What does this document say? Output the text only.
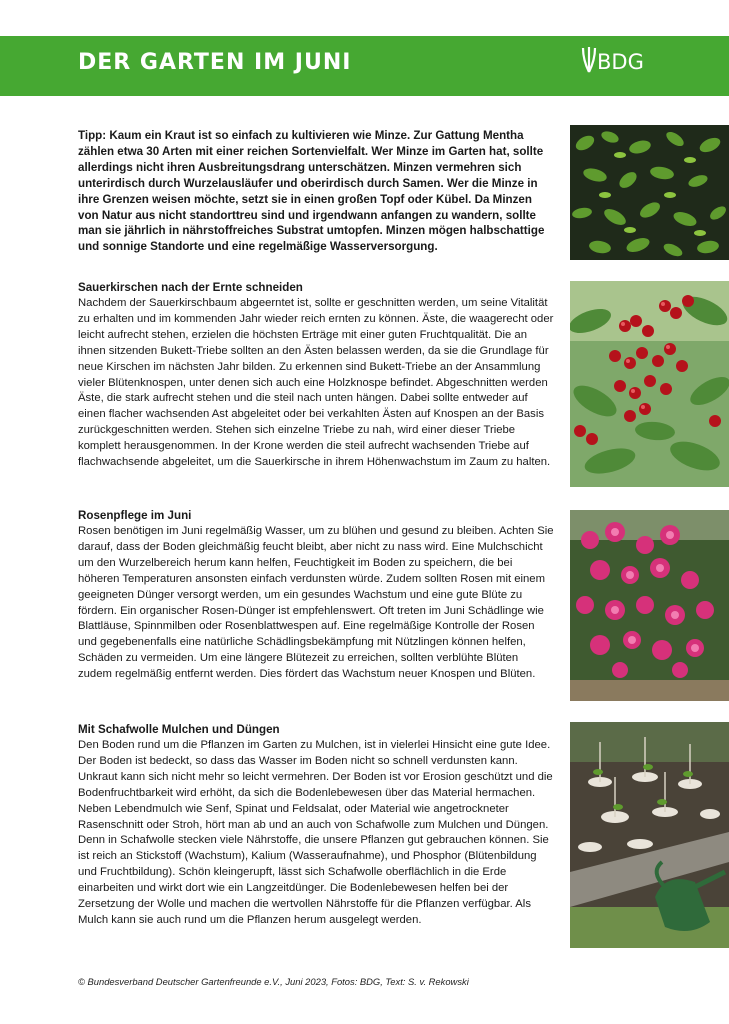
DER GARTEN IM JUNI	BDG
Tipp: Kaum ein Kraut ist so einfach zu kultivieren wie Minze. Zur Gattung Mentha zählen etwa 30 Arten mit einer reichen Sortenvielfalt. Wer Minze im Garten hat, sollte allerdings nicht ihren Ausbreitungsdrang unterschätzen. Minzen vermehren sich unterirdisch durch Wurzelausläufer und oberirdisch durch Samen. Wer die Minze in ihre Grenzen weisen möchte, setzt sie in einen großen Topf oder Kübel. Da Minzen von Natur aus nicht standorttreu sind und irgendwann anfangen zu wandern, sollte man sie jährlich in nährstoffreiches Substrat umtopfen. Minzen mögen halbschattige und sonnige Standorte und eine regelmäßige Wasserversorgung.
Sauerkirschen nach der Ernte schneiden
Nachdem der Sauerkirschbaum abgeerntet ist, sollte er geschnitten werden, um seine Vitalität zu erhalten und im kommenden Jahr wieder reich ernten zu können. Äste, die waagerecht oder leicht aufrecht stehen, erzielen die höchsten Erträge mit einer guten Fruchtqualität. Die an ihnen sitzenden Bukett-Triebe sollten an den Ästen belassen werden, da sie die Grundlage für neue Kirschen im nächsten Jahr bilden. Zu erkennen sind Bukett-Triebe an der Ansammlung vieler Blütenknospen, unter denen sich auch eine Holzknospe befindet. Abgeschnitten werden Äste, die stark aufrecht stehen und die steil nach unten hängen. Dabei sollte entweder auf einen flacher wachsenden Ast abgeleitet oder bei verkahlten Ästen auf Knospen an der Basis zurückgeschnitten werden. Stehen sich einzelne Triebe zu nah, wird einer dieser Triebe komplett herausgenommen. In der Krone werden die steil aufrecht wachsenden Triebe auf flachwachsende abgeleitet, um die Sauerkirsche in ihrem Höhenwachstum im Zaum zu halten.
Rosenpflege im Juni
Rosen benötigen im Juni regelmäßig Wasser, um zu blühen und gesund zu bleiben. Achten Sie darauf, dass der Boden gleichmäßig feucht bleibt, aber nicht zu nass wird. Eine Mulchschicht um den Wurzelbereich herum kann helfen, Feuchtigkeit im Boden zu speichern, die bei höheren Temperaturen ansonsten einfach verdunsten würde. Zudem sollten Rosen mit einem geeigneten Dünger versorgt werden, um ein gesundes Wachstum und eine gute Blüte zu fördern. Ein organischer Rosen-Dünger ist empfehlenswert. Oft treten im Juni Schädlinge wie Blattläuse, Spinnmilben oder Rosenblattwespen auf. Eine regelmäßige Kontrolle der Rosen und gegebenenfalls eine natürliche Schädlingsbekämpfung mit Nützlingen können helfen, Schäden zu vermeiden. Um eine längere Blütezeit zu erreichen, sollten verblühte Blüten zudem regelmäßig entfernt werden. Dies fördert das Wachstum neuer Knospen und Blüten.
Mit Schafwolle Mulchen und Düngen
Den Boden rund um die Pflanzen im Garten zu Mulchen, ist in vielerlei Hinsicht eine gute Idee. Der Boden ist bedeckt, so dass das Wasser im Boden nicht so schnell verdunsten kann. Unkraut kann sich nicht mehr so leicht vermehren. Der Boden ist vor Erosion geschützt und die Bodenfruchtbarkeit wird erhöht, da sich die Bodenlebewesen über das Material hermachen. Neben Lebendmulch wie Senf, Spinat und Feldsalat, oder Material wie angetrockneter Rasenschnitt oder Stroh, hört man ab und an auch von Schafwolle zum Mulchen und Düngen. Denn in Schafwolle stecken viele Nährstoffe, die unsere Pflanzen gut gebrauchen können. Sie ist reich an Stickstoff (Wachstum), Kalium (Wasseraufnahme), und Phosphor (Blütenbildung und Fruchtbildung). Schön kleingerupft, lässt sich Schafwolle oberflächlich in die Erde einarbeiten und wirkt dort wie ein Langzeitdünger. Die Bodenlebewesen helfen bei der Zersetzung der Wolle und machen die wertvollen Nährstoffe für die Pflanzen verfügbar. Als Mulch kann sie auch rund um die Pflanzen herum ausgelegt werden.
© Bundesverband Deutscher Gartenfreunde e.V., Juni 2023, Fotos: BDG, Text: S. v. Rekowski
